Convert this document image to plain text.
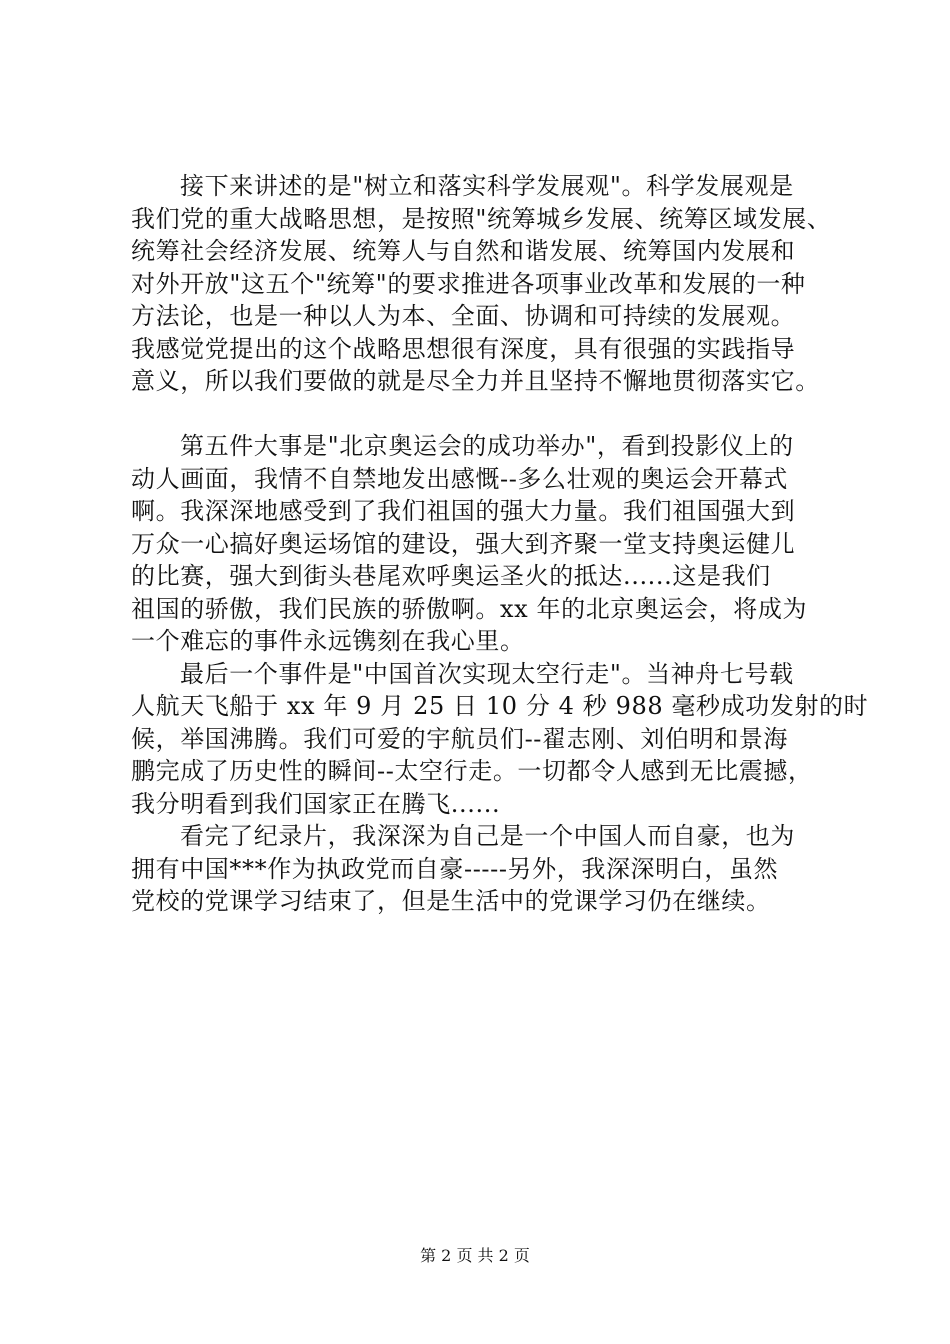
接下来讲述的是"树立和落实科学发展观"。科学发展观是
我们党的重大战略思想，是按照"统筹城乡发展、统筹区域发展、
统筹社会经济发展、统筹人与自然和谐发展、统筹国内发展和
对外开放"这五个"统筹"的要求推进各项事业改革和发展的一种
方法论，也是一种以人为本、全面、协调和可持续的发展观。
我感觉党提出的这个战略思想很有深度，具有很强的实践指导
意义，所以我们要做的就是尽全力并且坚持不懈地贯彻落实它。
第五件大事是"北京奥运会的成功举办"，看到投影仪上的
动人画面，我情不自禁地发出感慨--多么壮观的奥运会开幕式
啊。我深深地感受到了我们祖国的强大力量。我们祖国强大到
万众一心搞好奥运场馆的建设，强大到齐聚一堂支持奥运健儿
的比赛，强大到街头巷尾欢呼奥运圣火的抵达......这是我们
祖国的骄傲，我们民族的骄傲啊。xx 年的北京奥运会，将成为
一个难忘的事件永远镌刻在我心里。
最后一个事件是"中国首次实现太空行走"。当神舟七号载
人航天飞船于 xx 年 9 月 25 日 10 分 4 秒 988 毫秒成功发射的时
候，举国沸腾。我们可爱的宇航员们--翟志刚、刘伯明和景海
鹏完成了历史性的瞬间--太空行走。一切都令人感到无比震撼，
我分明看到我们国家正在腾飞......
看完了纪录片，我深深为自己是一个中国人而自豪，也为
拥有中国***作为执政党而自豪-----另外，我深深明白，虽然
党校的党课学习结束了，但是生活中的党课学习仍在继续。
第 2 页 共 2 页
